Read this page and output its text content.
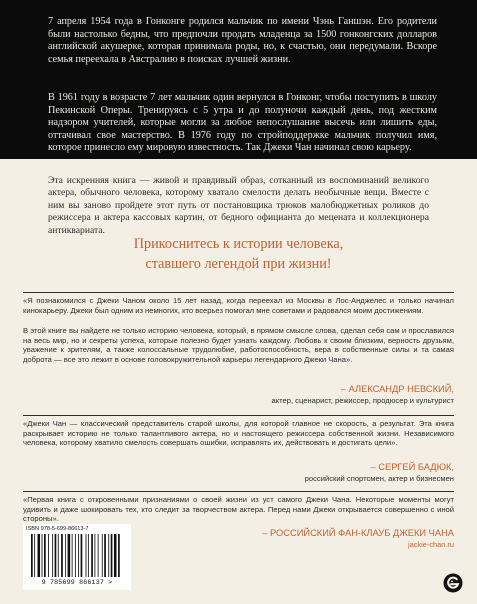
7 апреля 1954 года в Гонконге родился мальчик по имени Чэнь Ганшэн. Его родители были настолько бедны, что предпочли продать младенца за 1500 гонконгских долларов английской акушерке, которая принимала роды, но, к счастью, они передумали. Вскоре семья переехала в Австралию в поисках лучшей жизни.

В 1961 году в возрасте 7 лет мальчик один вернулся в Гонконг, чтобы поступить в школу Пекинской Оперы. Тренируясь с 5 утра и до полуночи каждый день, под жестким надзором учителей, которые могли за любое непослушание высечь или лишить еды, оттачивал свое мастерство. В 1976 году по стройподдержке мальчик получил имя, которое принесло ему мировую известность. Так Джеки Чан начинал свою карьеру.

Эта искренняя книга — живой и правдивый образ, сотканный из воспоминаний великого актера, обычного человека, которому хватало смелости делать необычные вещи. Вместе с ним вы заново пройдете этот путь от постановщика трюков малобюджетных роликов до режиссера и актера кассовых картин, от бедного официанта до мецената и коллекционера антиквариата.

Прикоснитесь к истории человека,

ставшего легендой при жизни!

«Я познакомился с Джеки Чаном около 15 лет назад, когда переехал из Москвы в Лос-Анджелес и только начинал кинокарьеру. Джеки был одним из немногих, кто всерьез помогал мне советами и радовался моим достижениям.

В этой книге вы найдете не только историю человека, который, в прямом смысле слова, сделал себя сам и прославился на весь мир, но и секреты успеха, которые полезно будет узнать каждому. Любовь к своим близким, верность друзьям, уважение к зрителям, а также колоссальные трудолюбие, работоспособность, вера в собственные силы и та самая доброта — все это лежит в основе головокружительной карьеры легендарного Джеки Чана».

– АЛЕКСАНДР НЕВСКИЙ,

актер, сценарист, режиссер, продюсер и культурист

«Джеки Чан — классический представитель старой школы, для которой главное не скорость, а результат. Эта книга раскрывает историю не только талантливого актера, но и настоящего режиссера собственной жизни. Независимого человека, которому хватило смелость совершать ошибки, исправлять их, действовать и достигать цели».

– СЕРГЕЙ БАДЮК,

российский спортсмен, актер и бизнесмен

«Первая книга с откровенными признаниями о своей жизни из уст самого Джеки Чана. Некоторые моменты могут удивить и даже шокировать тех, кто следит за творчеством актера. Перед нами Джеки открывается совершенно с иной стороны».

– РОССИЙСКИЙ ФАН-КЛАУБ ДЖЕКИ ЧАНА

jackie-chan.ru

ISBN 978-5-699-86613-7
9 785699 866137 >
